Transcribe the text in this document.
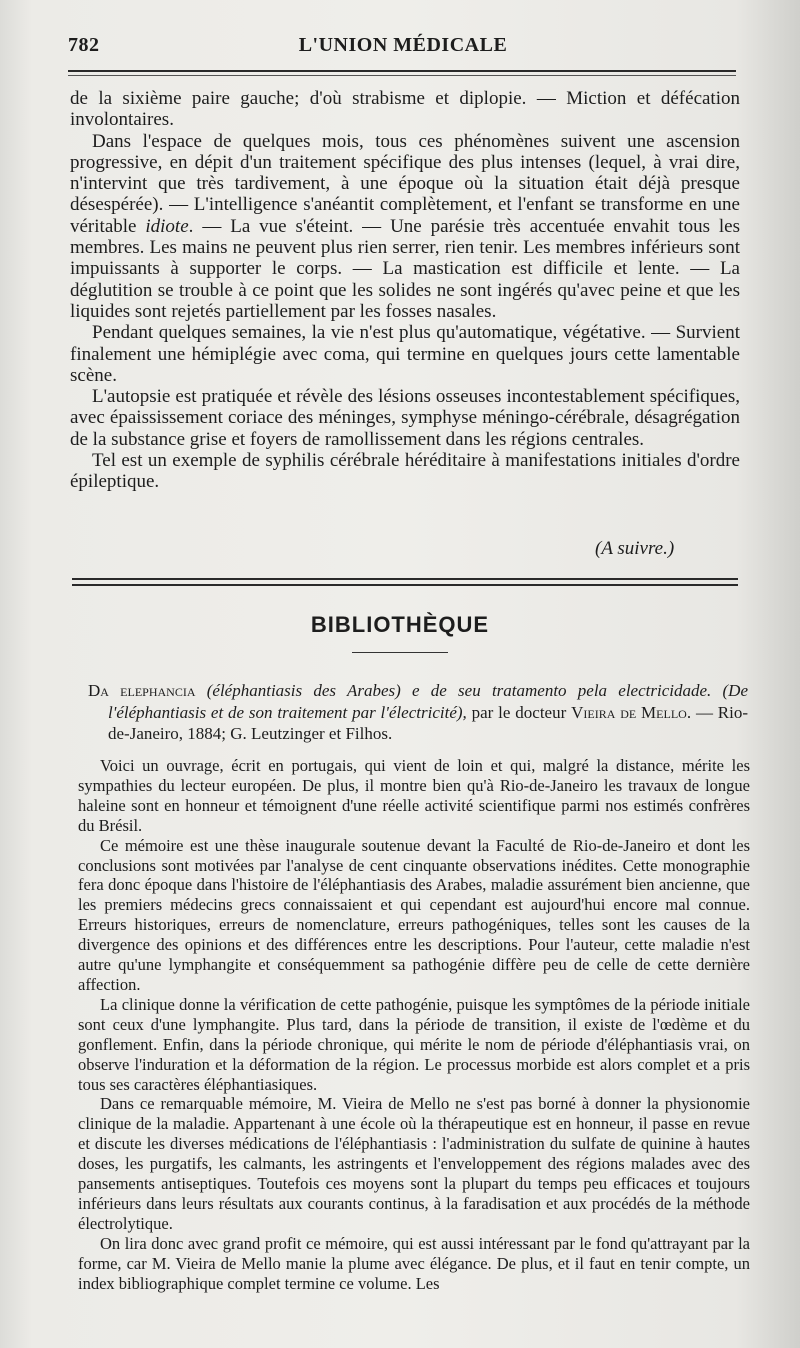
782	L'UNION MÉDICALE

de la sixième paire gauche; d'où strabisme et diplopie. — Miction et défécation involontaires.

Dans l'espace de quelques mois, tous ces phénomènes suivent une ascension progressive, en dépit d'un traitement spécifique des plus intenses (lequel, à vrai dire, n'intervint que très tardivement, à une époque où la situation était déjà presque désespérée). — L'intelligence s'anéantit complètement, et l'enfant se transforme en une véritable idiote. — La vue s'éteint. — Une parésie très accentuée envahit tous les membres. Les mains ne peuvent plus rien serrer, rien tenir. Les membres inférieurs sont impuissants à supporter le corps. — La mastication est difficile et lente. — La déglutition se trouble à ce point que les solides ne sont ingérés qu'avec peine et que les liquides sont rejetés partiellement par les fosses nasales.

Pendant quelques semaines, la vie n'est plus qu'automatique, végétative. — Survient finalement une hémiplégie avec coma, qui termine en quelques jours cette lamentable scène.

L'autopsie est pratiquée et révèle des lésions osseuses incontestablement spécifiques, avec épaississement coriace des méninges, symphyse méningo-cérébrale, désagrégation de la substance grise et foyers de ramollissement dans les régions centrales.

Tel est un exemple de syphilis cérébrale héréditaire à manifestations initiales d'ordre épileptique.

(A suivre.)
BIBLIOTHÈQUE
Da elephancia (éléphantiasis des Arabes) e de seu tratamento pela electricidade. (De l'éléphantiasis et de son traitement par l'électricité), par le docteur Vieira de Mello. — Rio-de-Janeiro, 1884; G. Leutzinger et Filhos.

Voici un ouvrage, écrit en portugais, qui vient de loin et qui, malgré la distance, mérite les sympathies du lecteur européen. De plus, il montre bien qu'à Rio-de-Janeiro les travaux de longue haleine sont en honneur et témoignent d'une réelle activité scientifique parmi nos estimés confrères du Brésil.

Ce mémoire est une thèse inaugurale soutenue devant la Faculté de Rio-de-Janeiro et dont les conclusions sont motivées par l'analyse de cent cinquante observations inédites. Cette monographie fera donc époque dans l'histoire de l'éléphantiasis des Arabes, maladie assurément bien ancienne, que les premiers médecins grecs connaissaient et qui cependant est aujourd'hui encore mal connue. Erreurs historiques, erreurs de nomenclature, erreurs pathogéniques, telles sont les causes de la divergence des opinions et des différences entre les descriptions. Pour l'auteur, cette maladie n'est autre qu'une lymphangite et conséquemment sa pathogénie diffère peu de celle de cette dernière affection.

La clinique donne la vérification de cette pathogénie, puisque les symptômes de la période initiale sont ceux d'une lymphangite. Plus tard, dans la période de transition, il existe de l'œdème et du gonflement. Enfin, dans la période chronique, qui mérite le nom de période d'éléphantiasis vrai, on observe l'induration et la déformation de la région. Le processus morbide est alors complet et a pris tous ses caractères éléphantiasiques.

Dans ce remarquable mémoire, M. Vieira de Mello ne s'est pas borné à donner la physionomie clinique de la maladie. Appartenant à une école où la thérapeutique est en honneur, il passe en revue et discute les diverses médications de l'éléphantiasis : l'administration du sulfate de quinine à hautes doses, les purgatifs, les calmants, les astringents et l'enveloppement des régions malades avec des pansements antiseptiques. Toutefois ces moyens sont la plupart du temps peu efficaces et toujours inférieurs dans leurs résultats aux courants continus, à la faradisation et aux procédés de la méthode électrolytique.

On lira donc avec grand profit ce mémoire, qui est aussi intéressant par le fond qu'attrayant par la forme, car M. Vieira de Mello manie la plume avec élégance. De plus, et il faut en tenir compte, un index bibliographique complet termine ce volume. Les
